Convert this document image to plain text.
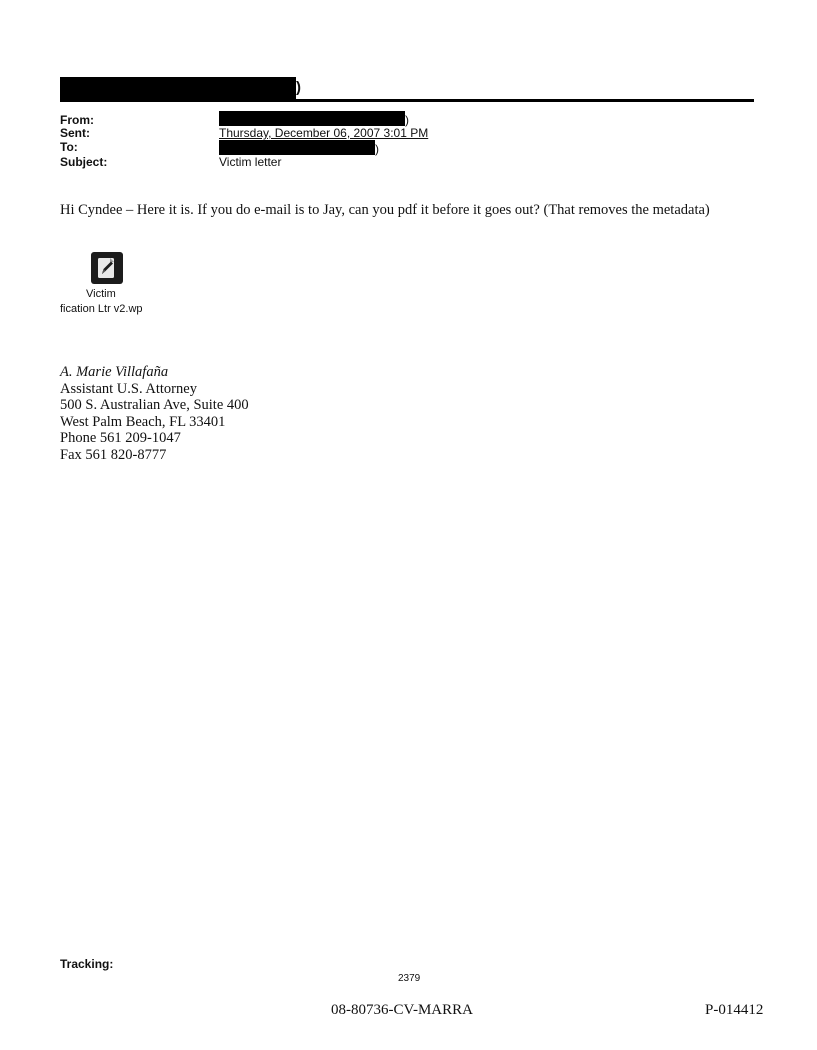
)
From:	)
Sent:	Thursday, December 06, 2007 3:01 PM
To:	)
Subject:	Victim letter
Hi Cyndee – Here it is. If you do e-mail is to Jay, can you pdf it before it goes out? (That removes the metadata)
Victim
fication Ltr v2.wp
A. Marie Villafaña
Assistant U.S. Attorney
500 S. Australian Ave, Suite 400
West Palm Beach, FL 33401
Phone 561 209-1047
Fax 561 820-8777
Tracking:
2379
08-80736-CV-MARRA	P-014412
